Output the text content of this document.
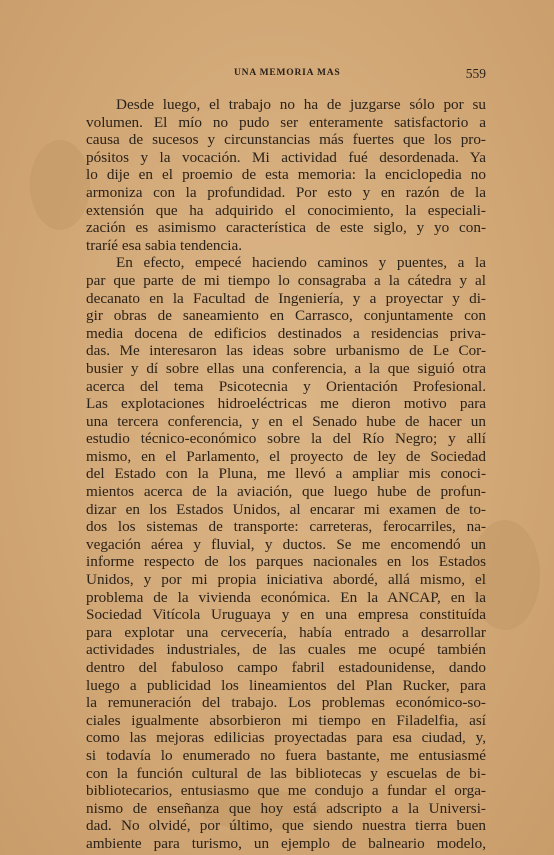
UNA MEMORIA MAS	559
Desde luego, el trabajo no ha de juzgarse sólo por su
volumen. El mío no pudo ser enteramente satisfactorio a
causa de sucesos y circunstancias más fuertes que los pro-
pósitos y la vocación. Mi actividad fué desordenada. Ya
lo dije en el proemio de esta memoria: la enciclopedia no
armoniza con la profundidad. Por esto y en razón de la
extensión que ha adquirido el conocimiento, la especiali-
zación es asimismo característica de este siglo, y yo con-
traríé esa sabia tendencia.
En efecto, empecé haciendo caminos y puentes, a la
par que parte de mi tiempo lo consagraba a la cátedra y al
decanato en la Facultad de Ingeniería, y a proyectar y di-
gir obras de saneamiento en Carrasco, conjuntamente con
media docena de edificios destinados a residencias priva-
das. Me interesaron las ideas sobre urbanismo de Le Cor-
busier y dí sobre ellas una conferencia, a la que siguió otra
acerca del tema Psicotecnia y Orientación Profesional.
Las explotaciones hidroeléctricas me dieron motivo para
una tercera conferencia, y en el Senado hube de hacer un
estudio técnico-económico sobre la del Río Negro; y allí
mismo, en el Parlamento, el proyecto de ley de Sociedad
del Estado con la Pluna, me llevó a ampliar mis conoci-
mientos acerca de la aviación, que luego hube de profun-
dizar en los Estados Unidos, al encarar mi examen de to-
dos los sistemas de transporte: carreteras, ferocarriles, na-
vegación aérea y fluvial, y ductos. Se me encomendó un
informe respecto de los parques nacionales en los Estados
Unidos, y por mi propia iniciativa abordé, allá mismo, el
problema de la vivienda económica. En la ANCAP, en la
Sociedad Vitícola Uruguaya y en una empresa constituída
para explotar una cervecería, había entrado a desarrollar
actividades industriales, de las cuales me ocupé también
dentro del fabuloso campo fabril estadounidense, dando
luego a publicidad los lineamientos del Plan Rucker, para
la remuneración del trabajo. Los problemas económico-so-
ciales igualmente absorbieron mi tiempo en Filadelfia, así
como las mejoras edilicias proyectadas para esa ciudad, y,
si todavía lo enumerado no fuera bastante, me entusiasmé
con la función cultural de las bibliotecas y escuelas de bi-
bibliotecarios, entusiasmo que me condujo a fundar el orga-
nismo de enseñanza que hoy está adscripto a la Universi-
dad. No olvidé, por último, que siendo nuestra tierra buen
ambiente para turismo, un ejemplo de balneario modelo,
